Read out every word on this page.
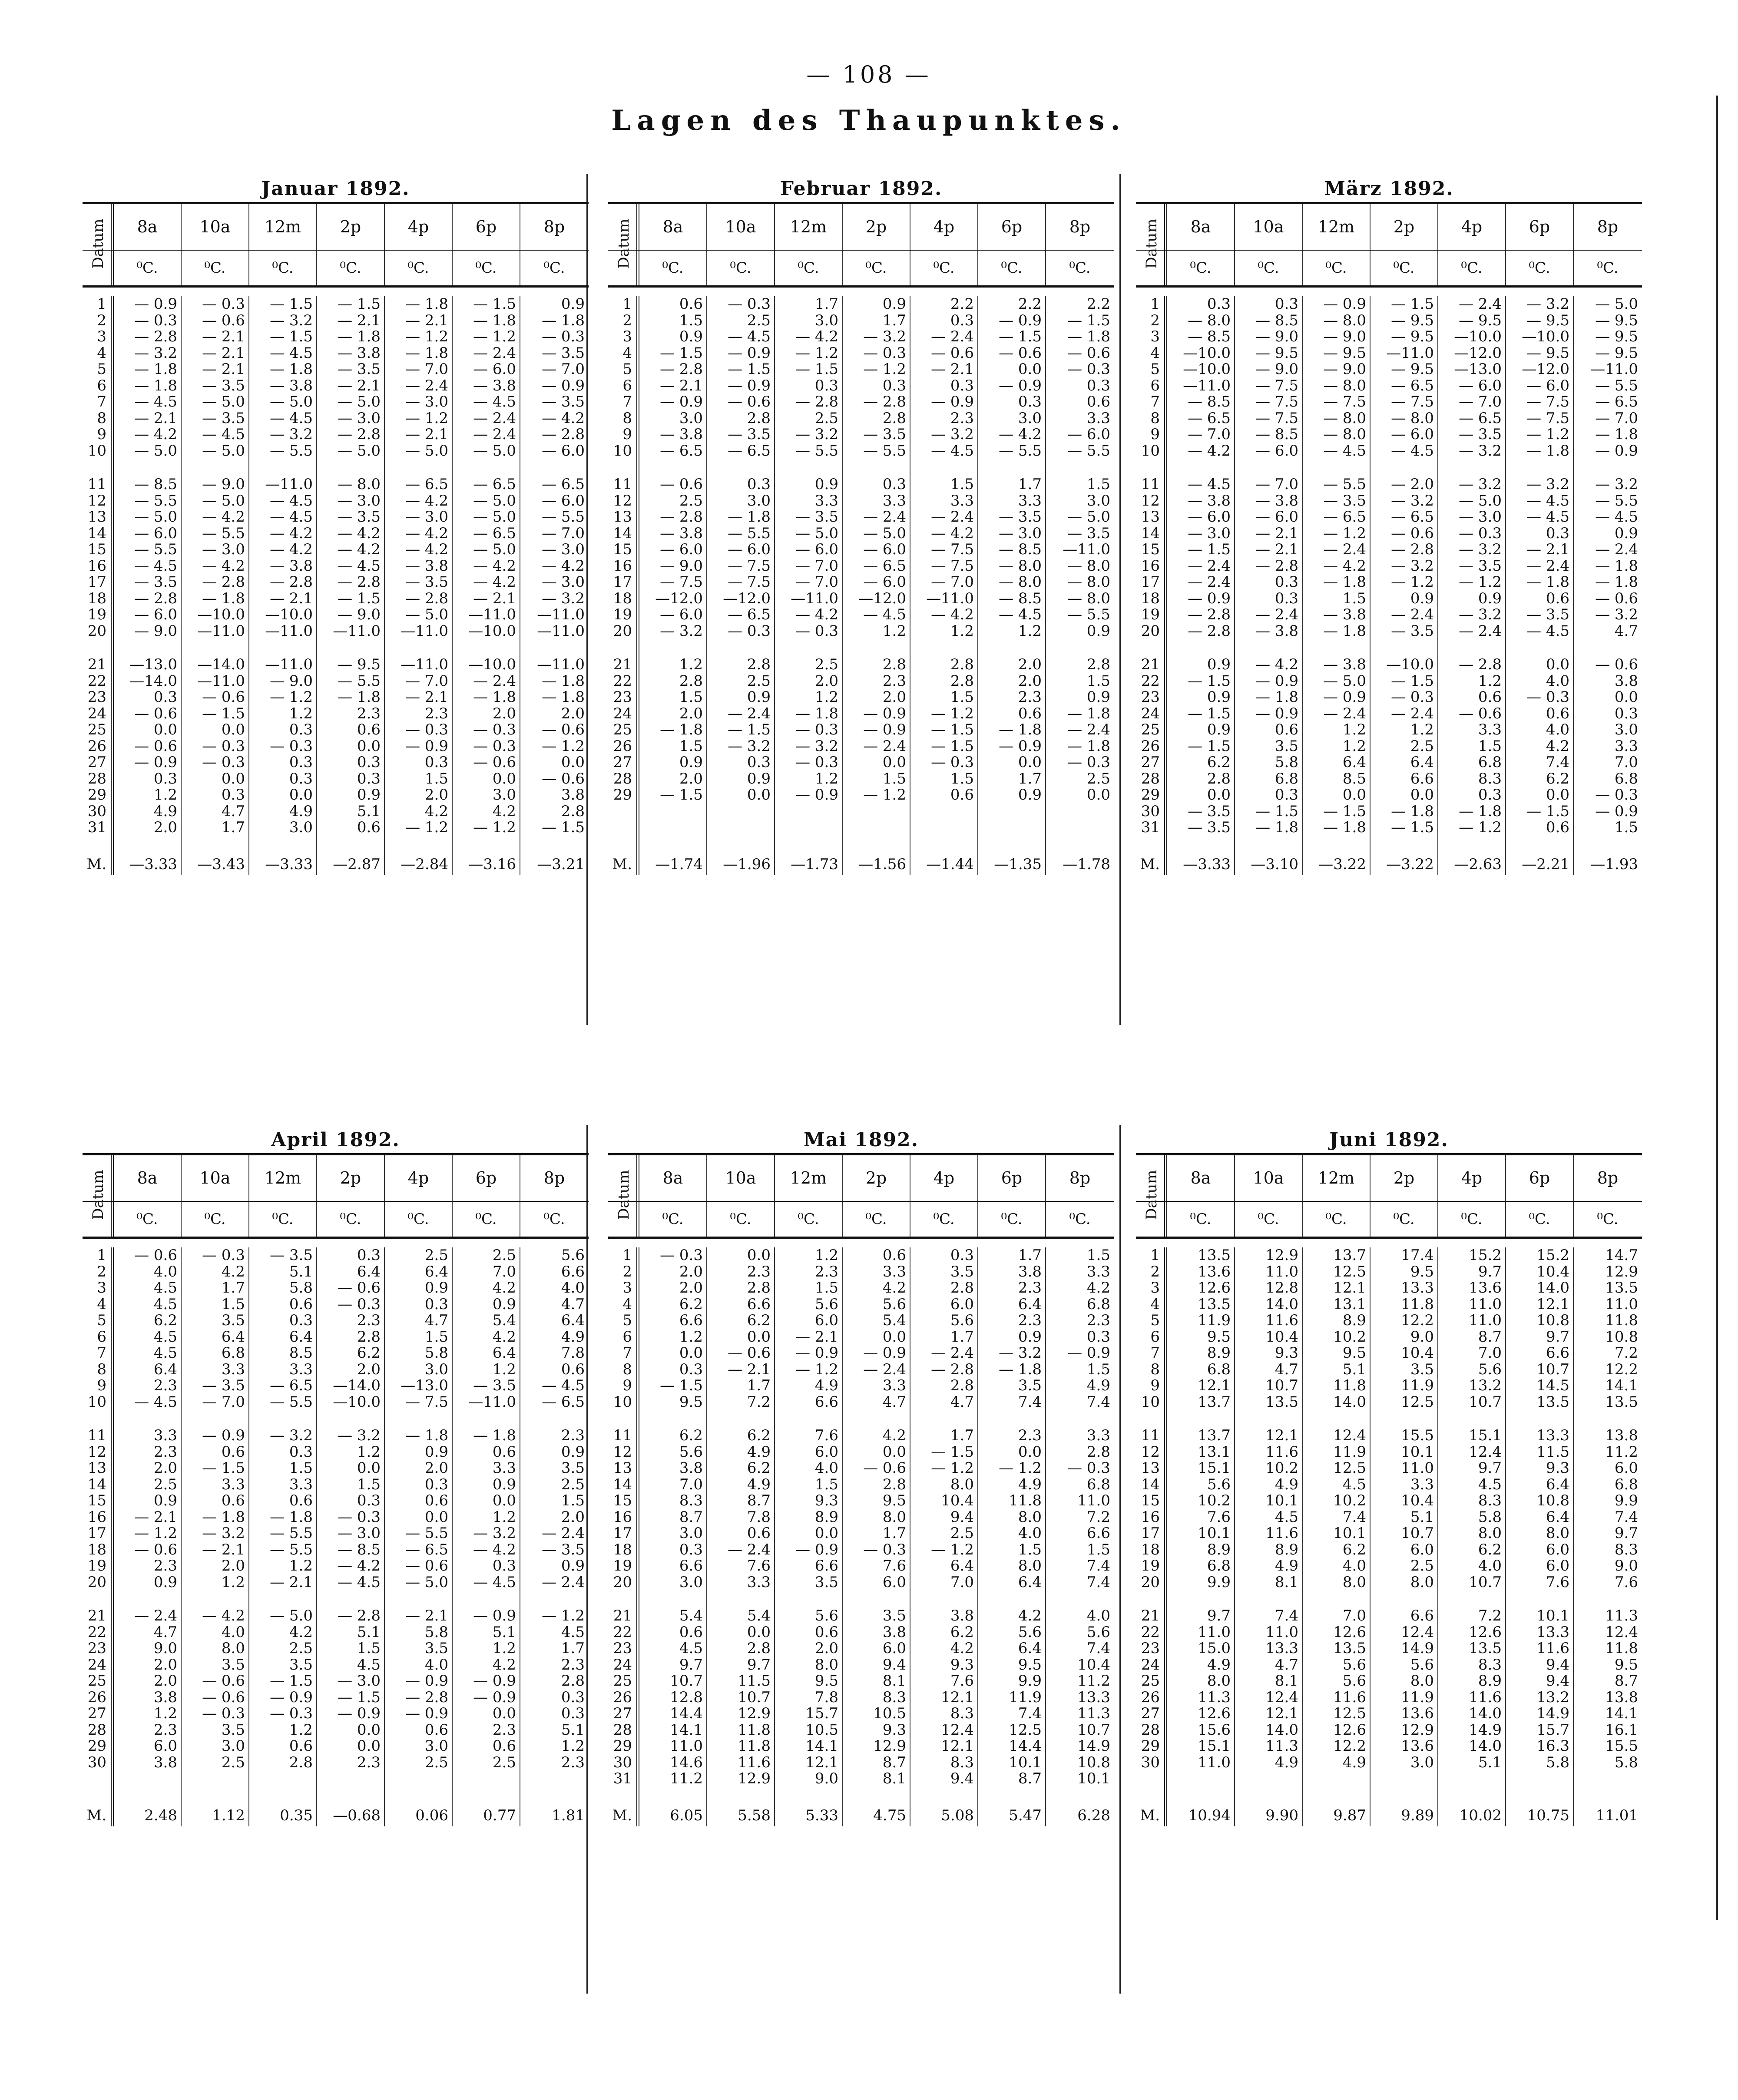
— 108 —
Lagen des Thaupunktes.
Januar 1892.
Datum	8a	10a	12m	2p	4p	6p	8p
⁰C.	⁰C.	⁰C.	⁰C.	⁰C.	⁰C.	⁰C.
1	— 0.9	— 0.3	— 1.5	— 1.5	— 1.8	— 1.5	0.9
2	— 0.3	— 0.6	— 3.2	— 2.1	— 2.1	— 1.8	— 1.8
3	— 2.8	— 2.1	— 1.5	— 1.8	— 1.2	— 1.2	— 0.3
4	— 3.2	— 2.1	— 4.5	— 3.8	— 1.8	— 2.4	— 3.5
5	— 1.8	— 2.1	— 1.8	— 3.5	— 7.0	— 6.0	— 7.0
6	— 1.8	— 3.5	— 3.8	— 2.1	— 2.4	— 3.8	— 0.9
7	— 4.5	— 5.0	— 5.0	— 5.0	— 3.0	— 4.5	— 3.5
8	— 2.1	— 3.5	— 4.5	— 3.0	— 1.2	— 2.4	— 4.2
9	— 4.2	— 4.5	— 3.2	— 2.8	— 2.1	— 2.4	— 2.8
10	— 5.0	— 5.0	— 5.5	— 5.0	— 5.0	— 5.0	— 6.0
11	— 8.5	— 9.0	—11.0	— 8.0	— 6.5	— 6.5	— 6.5
12	— 5.5	— 5.0	— 4.5	— 3.0	— 4.2	— 5.0	— 6.0
13	— 5.0	— 4.2	— 4.5	— 3.5	— 3.0	— 5.0	— 5.5
14	— 6.0	— 5.5	— 4.2	— 4.2	— 4.2	— 6.5	— 7.0
15	— 5.5	— 3.0	— 4.2	— 4.2	— 4.2	— 5.0	— 3.0
16	— 4.5	— 4.2	— 3.8	— 4.5	— 3.8	— 4.2	— 4.2
17	— 3.5	— 2.8	— 2.8	— 2.8	— 3.5	— 4.2	— 3.0
18	— 2.8	— 1.8	— 2.1	— 1.5	— 2.8	— 2.1	— 3.2
19	— 6.0	—10.0	—10.0	— 9.0	— 5.0	—11.0	—11.0
20	— 9.0	—11.0	—11.0	—11.0	—11.0	—10.0	—11.0
21	—13.0	—14.0	—11.0	— 9.5	—11.0	—10.0	—11.0
22	—14.0	—11.0	— 9.0	— 5.5	— 7.0	— 2.4	— 1.8
23	0.3	— 0.6	— 1.2	— 1.8	— 2.1	— 1.8	— 1.8
24	— 0.6	— 1.5	1.2	2.3	2.3	2.0	2.0
25	0.0	0.0	0.3	0.6	— 0.3	— 0.3	— 0.6
26	— 0.6	— 0.3	— 0.3	0.0	— 0.9	— 0.3	— 1.2
27	— 0.9	— 0.3	0.3	0.3	0.3	— 0.6	0.0
28	0.3	0.0	0.3	0.3	1.5	0.0	— 0.6
29	1.2	0.3	0.0	0.9	2.0	3.0	3.8
30	4.9	4.7	4.9	5.1	4.2	4.2	2.8
31	2.0	1.7	3.0	0.6	— 1.2	— 1.2	— 1.5
M.	—3.33	—3.43	—3.33	—2.87	—2.84	—3.16	—3.21
Februar 1892.
Datum	8a	10a	12m	2p	4p	6p	8p
⁰C.	⁰C.	⁰C.	⁰C.	⁰C.	⁰C.	⁰C.
1	0.6	— 0.3	1.7	0.9	2.2	2.2	2.2
2	1.5	2.5	3.0	1.7	0.3	— 0.9	— 1.5
3	0.9	— 4.5	— 4.2	— 3.2	— 2.4	— 1.5	— 1.8
4	— 1.5	— 0.9	— 1.2	— 0.3	— 0.6	— 0.6	— 0.6
5	— 2.8	— 1.5	— 1.5	— 1.2	— 2.1	0.0	— 0.3
6	— 2.1	— 0.9	0.3	0.3	0.3	— 0.9	0.3
7	— 0.9	— 0.6	— 2.8	— 2.8	— 0.9	0.3	0.6
8	3.0	2.8	2.5	2.8	2.3	3.0	3.3
9	— 3.8	— 3.5	— 3.2	— 3.5	— 3.2	— 4.2	— 6.0
10	— 6.5	— 6.5	— 5.5	— 5.5	— 4.5	— 5.5	— 5.5
11	— 0.6	0.3	0.9	0.3	1.5	1.7	1.5
12	2.5	3.0	3.3	3.3	3.3	3.3	3.0
13	— 2.8	— 1.8	— 3.5	— 2.4	— 2.4	— 3.5	— 5.0
14	— 3.8	— 5.5	— 5.0	— 5.0	— 4.2	— 3.0	— 3.5
15	— 6.0	— 6.0	— 6.0	— 6.0	— 7.5	— 8.5	—11.0
16	— 9.0	— 7.5	— 7.0	— 6.5	— 7.5	— 8.0	— 8.0
17	— 7.5	— 7.5	— 7.0	— 6.0	— 7.0	— 8.0	— 8.0
18	—12.0	—12.0	—11.0	—12.0	—11.0	— 8.5	— 8.0
19	— 6.0	— 6.5	— 4.2	— 4.5	— 4.2	— 4.5	— 5.5
20	— 3.2	— 0.3	— 0.3	1.2	1.2	1.2	0.9
21	1.2	2.8	2.5	2.8	2.8	2.0	2.8
22	2.8	2.5	2.0	2.3	2.8	2.0	1.5
23	1.5	0.9	1.2	2.0	1.5	2.3	0.9
24	2.0	— 2.4	— 1.8	— 0.9	— 1.2	0.6	— 1.8
25	— 1.8	— 1.5	— 0.3	— 0.9	— 1.5	— 1.8	— 2.4
26	1.5	— 3.2	— 3.2	— 2.4	— 1.5	— 0.9	— 1.8
27	0.9	0.3	— 0.3	0.0	— 0.3	0.0	— 0.3
28	2.0	0.9	1.2	1.5	1.5	1.7	2.5
29	— 1.5	0.0	— 0.9	— 1.2	0.6	0.9	0.0
M.	—1.74	—1.96	—1.73	—1.56	—1.44	—1.35	—1.78
März 1892.
Datum	8a	10a	12m	2p	4p	6p	8p
⁰C.	⁰C.	⁰C.	⁰C.	⁰C.	⁰C.	⁰C.
1	0.3	0.3	— 0.9	— 1.5	— 2.4	— 3.2	— 5.0
2	— 8.0	— 8.5	— 8.0	— 9.5	— 9.5	— 9.5	— 9.5
3	— 8.5	— 9.0	— 9.0	— 9.5	—10.0	—10.0	— 9.5
4	—10.0	— 9.5	— 9.5	—11.0	—12.0	— 9.5	— 9.5
5	—10.0	— 9.0	— 9.0	— 9.5	—13.0	—12.0	—11.0
6	—11.0	— 7.5	— 8.0	— 6.5	— 6.0	— 6.0	— 5.5
7	— 8.5	— 7.5	— 7.5	— 7.5	— 7.0	— 7.5	— 6.5
8	— 6.5	— 7.5	— 8.0	— 8.0	— 6.5	— 7.5	— 7.0
9	— 7.0	— 8.5	— 8.0	— 6.0	— 3.5	— 1.2	— 1.8
10	— 4.2	— 6.0	— 4.5	— 4.5	— 3.2	— 1.8	— 0.9
11	— 4.5	— 7.0	— 5.5	— 2.0	— 3.2	— 3.2	— 3.2
12	— 3.8	— 3.8	— 3.5	— 3.2	— 5.0	— 4.5	— 5.5
13	— 6.0	— 6.0	— 6.5	— 6.5	— 3.0	— 4.5	— 4.5
14	— 3.0	— 2.1	— 1.2	— 0.6	— 0.3	0.3	0.9
15	— 1.5	— 2.1	— 2.4	— 2.8	— 3.2	— 2.1	— 2.4
16	— 2.4	— 2.8	— 4.2	— 3.2	— 3.5	— 2.4	— 1.8
17	— 2.4	0.3	— 1.8	— 1.2	— 1.2	— 1.8	— 1.8
18	— 0.9	0.3	1.5	0.9	0.9	0.6	— 0.6
19	— 2.8	— 2.4	— 3.8	— 2.4	— 3.2	— 3.5	— 3.2
20	— 2.8	— 3.8	— 1.8	— 3.5	— 2.4	— 4.5	4.7
21	0.9	— 4.2	— 3.8	—10.0	— 2.8	0.0	— 0.6
22	— 1.5	— 0.9	— 5.0	— 1.5	1.2	4.0	3.8
23	0.9	— 1.8	— 0.9	— 0.3	0.6	— 0.3	0.0
24	— 1.5	— 0.9	— 2.4	— 2.4	— 0.6	0.6	0.3
25	0.9	0.6	1.2	1.2	3.3	4.0	3.0
26	— 1.5	3.5	1.2	2.5	1.5	4.2	3.3
27	6.2	5.8	6.4	6.4	6.8	7.4	7.0
28	2.8	6.8	8.5	6.6	8.3	6.2	6.8
29	0.0	0.3	0.0	0.0	0.3	0.0	— 0.3
30	— 3.5	— 1.5	— 1.5	— 1.8	— 1.8	— 1.5	— 0.9
31	— 3.5	— 1.8	— 1.8	— 1.5	— 1.2	0.6	1.5
M.	—3.33	—3.10	—3.22	—3.22	—2.63	—2.21	—1.93
April 1892.
Datum	8a	10a	12m	2p	4p	6p	8p
⁰C.	⁰C.	⁰C.	⁰C.	⁰C.	⁰C.	⁰C.
1	— 0.6	— 0.3	— 3.5	0.3	2.5	2.5	5.6
2	4.0	4.2	5.1	6.4	6.4	7.0	6.6
3	4.5	1.7	5.8	— 0.6	0.9	4.2	4.0
4	4.5	1.5	0.6	— 0.3	0.3	0.9	4.7
5	6.2	3.5	0.3	2.3	4.7	5.4	6.4
6	4.5	6.4	6.4	2.8	1.5	4.2	4.9
7	4.5	6.8	8.5	6.2	5.8	6.4	7.8
8	6.4	3.3	3.3	2.0	3.0	1.2	0.6
9	2.3	— 3.5	— 6.5	—14.0	—13.0	— 3.5	— 4.5
10	— 4.5	— 7.0	— 5.5	—10.0	— 7.5	—11.0	— 6.5
11	3.3	— 0.9	— 3.2	— 3.2	— 1.8	— 1.8	2.3
12	2.3	0.6	0.3	1.2	0.9	0.6	0.9
13	2.0	— 1.5	1.5	0.0	2.0	3.3	3.5
14	2.5	3.3	3.3	1.5	0.3	0.9	2.5
15	0.9	0.6	0.6	0.3	0.6	0.0	1.5
16	— 2.1	— 1.8	— 1.8	— 0.3	0.0	1.2	2.0
17	— 1.2	— 3.2	— 5.5	— 3.0	— 5.5	— 3.2	— 2.4
18	— 0.6	— 2.1	— 5.5	— 8.5	— 6.5	— 4.2	— 3.5
19	2.3	2.0	1.2	— 4.2	— 0.6	0.3	0.9
20	0.9	1.2	— 2.1	— 4.5	— 5.0	— 4.5	— 2.4
21	— 2.4	— 4.2	— 5.0	— 2.8	— 2.1	— 0.9	— 1.2
22	4.7	4.0	4.2	5.1	5.8	5.1	4.5
23	9.0	8.0	2.5	1.5	3.5	1.2	1.7
24	2.0	3.5	3.5	4.5	4.0	4.2	2.3
25	2.0	— 0.6	— 1.5	— 3.0	— 0.9	— 0.9	2.8
26	3.8	— 0.6	— 0.9	— 1.5	— 2.8	— 0.9	0.3
27	1.2	— 0.3	— 0.3	— 0.9	— 0.9	0.0	0.3
28	2.3	3.5	1.2	0.0	0.6	2.3	5.1
29	6.0	3.0	0.6	0.0	3.0	0.6	1.2
30	3.8	2.5	2.8	2.3	2.5	2.5	2.3
M.	2.48	1.12	0.35	—0.68	0.06	0.77	1.81
Mai 1892.
Datum	8a	10a	12m	2p	4p	6p	8p
⁰C.	⁰C.	⁰C.	⁰C.	⁰C.	⁰C.	⁰C.
1	— 0.3	0.0	1.2	0.6	0.3	1.7	1.5
2	2.0	2.3	2.3	3.3	3.5	3.8	3.3
3	2.0	2.8	1.5	4.2	2.8	2.3	4.2
4	6.2	6.6	5.6	5.6	6.0	6.4	6.8
5	6.6	6.2	6.0	5.4	5.6	2.3	2.3
6	1.2	0.0	— 2.1	0.0	1.7	0.9	0.3
7	0.0	— 0.6	— 0.9	— 0.9	— 2.4	— 3.2	— 0.9
8	0.3	— 2.1	— 1.2	— 2.4	— 2.8	— 1.8	1.5
9	— 1.5	1.7	4.9	3.3	2.8	3.5	4.9
10	9.5	7.2	6.6	4.7	4.7	7.4	7.4
11	6.2	6.2	7.6	4.2	1.7	2.3	3.3
12	5.6	4.9	6.0	0.0	— 1.5	0.0	2.8
13	3.8	6.2	4.0	— 0.6	— 1.2	— 1.2	— 0.3
14	7.0	4.9	1.5	2.8	8.0	4.9	6.8
15	8.3	8.7	9.3	9.5	10.4	11.8	11.0
16	8.7	7.8	8.9	8.0	9.4	8.0	7.2
17	3.0	0.6	0.0	1.7	2.5	4.0	6.6
18	0.3	— 2.4	— 0.9	— 0.3	— 1.2	1.5	1.5
19	6.6	7.6	6.6	7.6	6.4	8.0	7.4
20	3.0	3.3	3.5	6.0	7.0	6.4	7.4
21	5.4	5.4	5.6	3.5	3.8	4.2	4.0
22	0.6	0.0	0.6	3.8	6.2	5.6	5.6
23	4.5	2.8	2.0	6.0	4.2	6.4	7.4
24	9.7	9.7	8.0	9.4	9.3	9.5	10.4
25	10.7	11.5	9.5	8.1	7.6	9.9	11.2
26	12.8	10.7	7.8	8.3	12.1	11.9	13.3
27	14.4	12.9	15.7	10.5	8.3	7.4	11.3
28	14.1	11.8	10.5	9.3	12.4	12.5	10.7
29	11.0	11.8	14.1	12.9	12.1	14.4	14.9
30	14.6	11.6	12.1	8.7	8.3	10.1	10.8
31	11.2	12.9	9.0	8.1	9.4	8.7	10.1
M.	6.05	5.58	5.33	4.75	5.08	5.47	6.28
Juni 1892.
Datum	8a	10a	12m	2p	4p	6p	8p
⁰C.	⁰C.	⁰C.	⁰C.	⁰C.	⁰C.	⁰C.
1	13.5	12.9	13.7	17.4	15.2	15.2	14.7
2	13.6	11.0	12.5	9.5	9.7	10.4	12.9
3	12.6	12.8	12.1	13.3	13.6	14.0	13.5
4	13.5	14.0	13.1	11.8	11.0	12.1	11.0
5	11.9	11.6	8.9	12.2	11.0	10.8	11.8
6	9.5	10.4	10.2	9.0	8.7	9.7	10.8
7	8.9	9.3	9.5	10.4	7.0	6.6	7.2
8	6.8	4.7	5.1	3.5	5.6	10.7	12.2
9	12.1	10.7	11.8	11.9	13.2	14.5	14.1
10	13.7	13.5	14.0	12.5	10.7	13.5	13.5
11	13.7	12.1	12.4	15.5	15.1	13.3	13.8
12	13.1	11.6	11.9	10.1	12.4	11.5	11.2
13	15.1	10.2	12.5	11.0	9.7	9.3	6.0
14	5.6	4.9	4.5	3.3	4.5	6.4	6.8
15	10.2	10.1	10.2	10.4	8.3	10.8	9.9
16	7.6	4.5	7.4	5.1	5.8	6.4	7.4
17	10.1	11.6	10.1	10.7	8.0	8.0	9.7
18	8.9	8.9	6.2	6.0	6.2	6.0	8.3
19	6.8	4.9	4.0	2.5	4.0	6.0	9.0
20	9.9	8.1	8.0	8.0	10.7	7.6	7.6
21	9.7	7.4	7.0	6.6	7.2	10.1	11.3
22	11.0	11.0	12.6	12.4	12.6	13.3	12.4
23	15.0	13.3	13.5	14.9	13.5	11.6	11.8
24	4.9	4.7	5.6	5.6	8.3	9.4	9.5
25	8.0	8.1	5.6	8.0	8.9	9.4	8.7
26	11.3	12.4	11.6	11.9	11.6	13.2	13.8
27	12.6	12.1	12.5	13.6	14.0	14.9	14.1
28	15.6	14.0	12.6	12.9	14.9	15.7	16.1
29	15.1	11.3	12.2	13.6	14.0	16.3	15.5
30	11.0	4.9	4.9	3.0	5.1	5.8	5.8
M.	10.94	9.90	9.87	9.89	10.02	10.75	11.01
